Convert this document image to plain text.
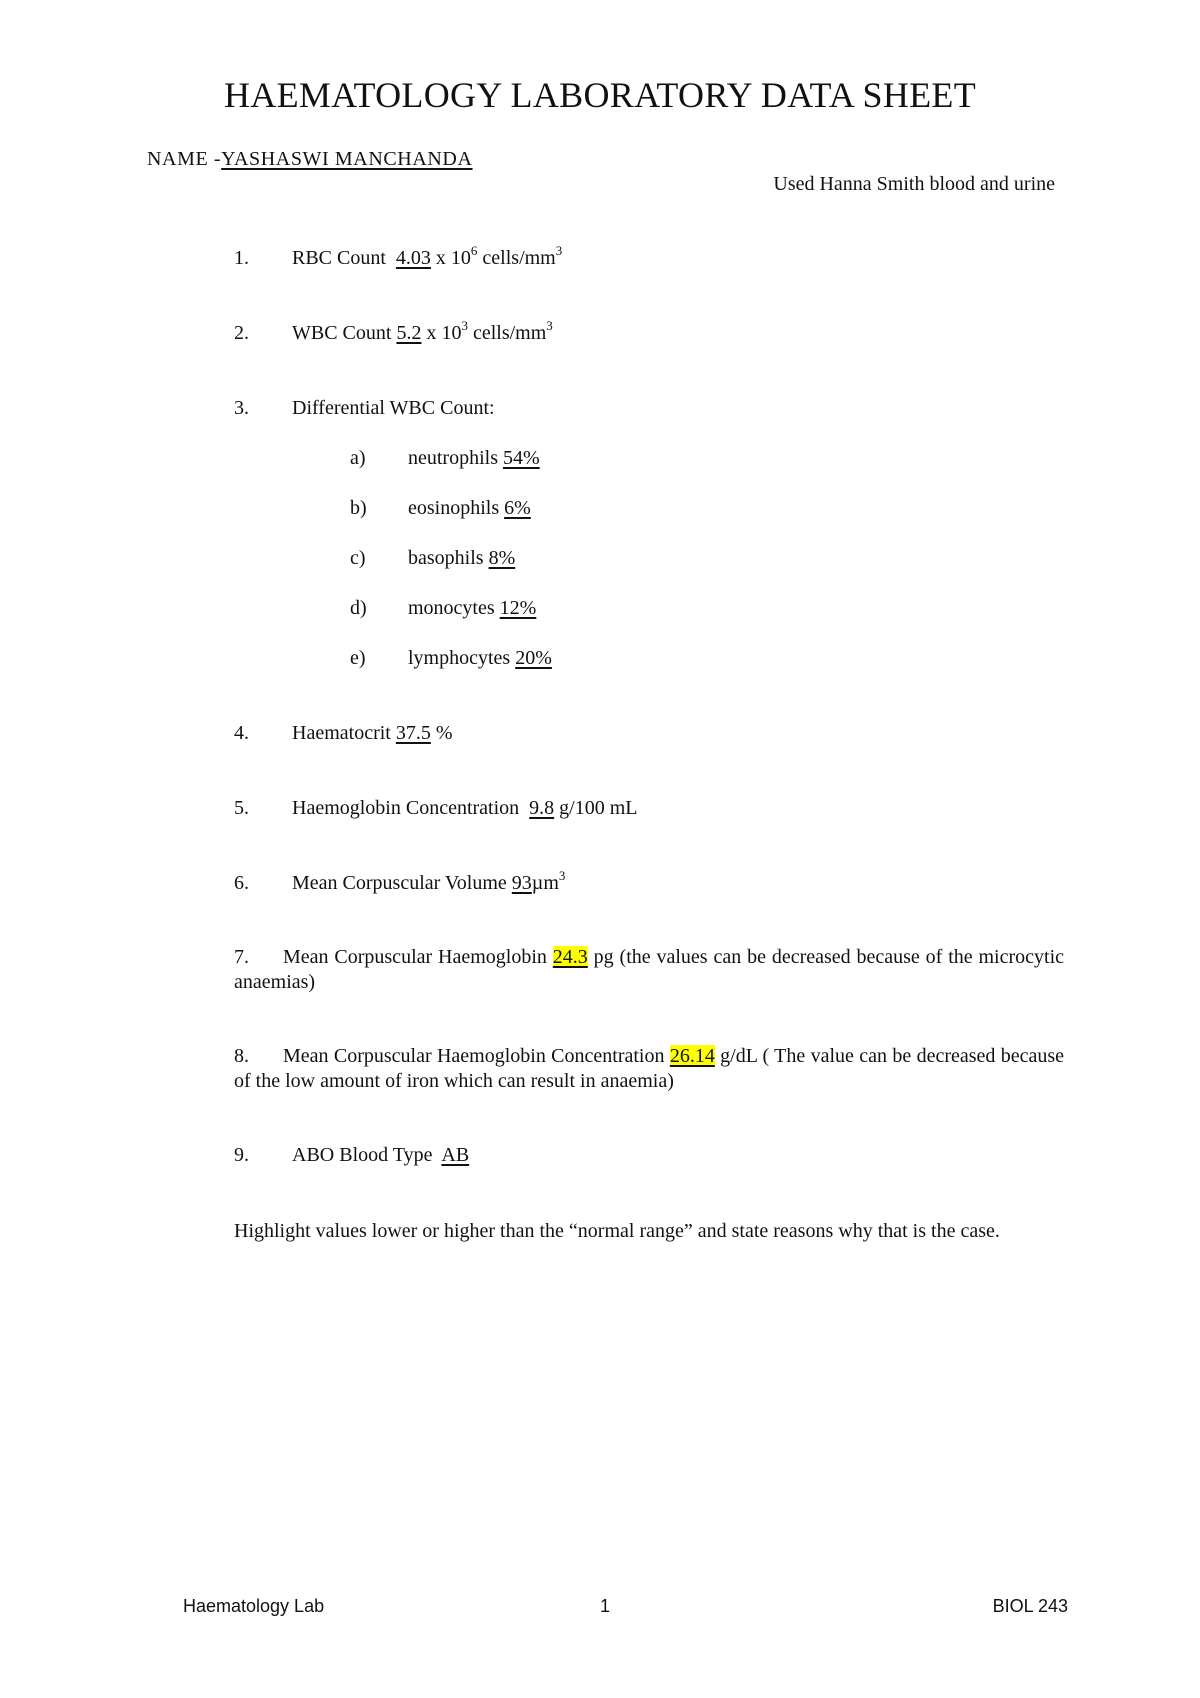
HAEMATOLOGY LABORATORY DATA SHEET
NAME -YASHASWI MANCHANDA
Used Hanna Smith blood and urine
1. RBC Count 4.03 x $10^6$ cells/$mm^3$
2. WBC Count 5.2 x $10^3$ cells/$mm^3$
3. Differential WBC Count:
a) neutrophils 54%
b) eosinophils 6%
c) basophils 8%
d) monocytes 12%
e) lymphocytes 20%
4. Haematocrit 37.5 %
5. Haemoglobin Concentration 9.8 g/100 mL
6. Mean Corpuscular Volume 93µm$^3$
7. Mean Corpuscular Haemoglobin 24.3 pg (the values can be decreased because of the microcytic anaemias)
8. Mean Corpuscular Haemoglobin Concentration 26.14 g/dL ( The value can be decreased because of the low amount of iron which can result in anaemia)
9. ABO Blood Type AB
Highlight values lower or higher than the “normal range” and state reasons why that is the case.
Haematology Lab	1	BIOL 243
